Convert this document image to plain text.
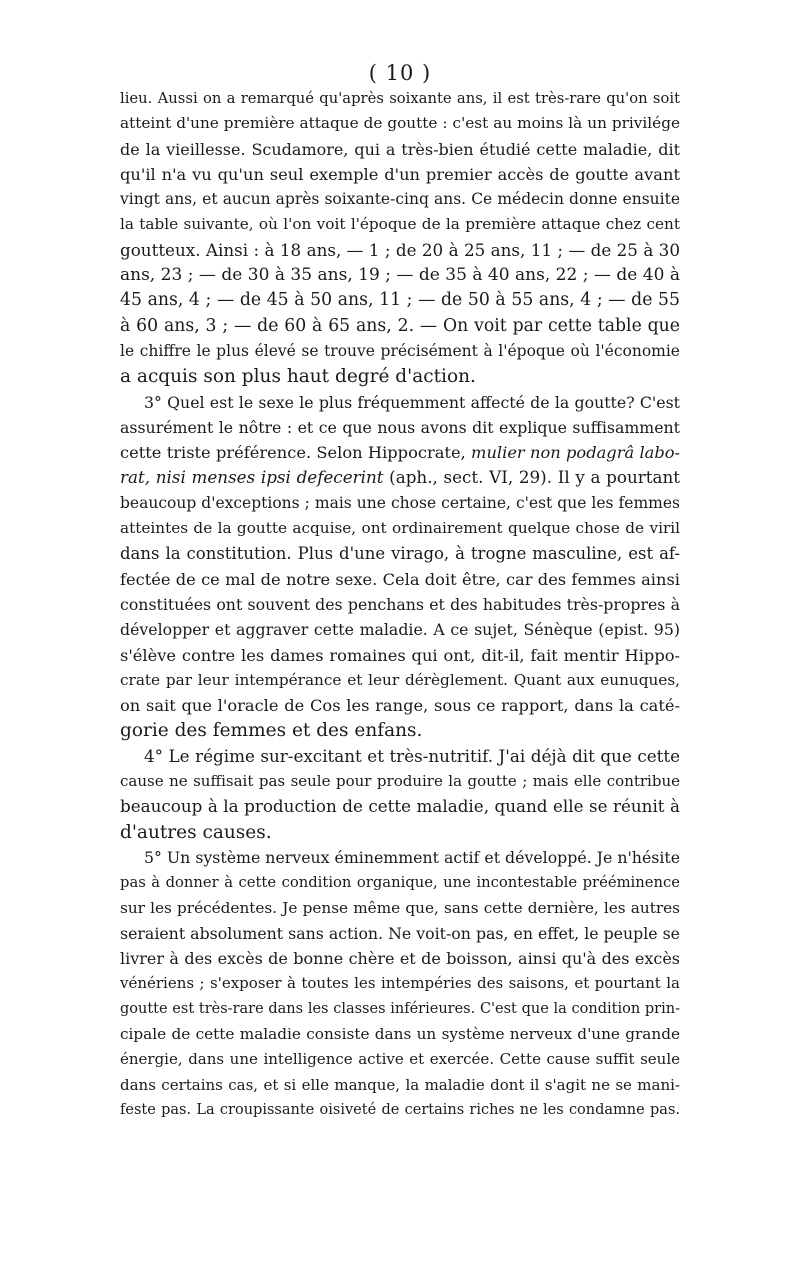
( 10 )
lieu. Aussi on a remarqué qu'après soixante ans, il est très-rare qu'on soit
atteint d'une première attaque de goutte : c'est au moins là un privilége
de la vieillesse. Scudamore, qui a très-bien étudié cette maladie, dit
qu'il n'a vu qu'un seul exemple d'un premier accès de goutte avant
vingt ans, et aucun après soixante-cinq ans. Ce médecin donne ensuite
la table suivante, où l'on voit l'époque de la première attaque chez cent
goutteux. Ainsi : à 18 ans, — 1 ; de 20 à 25 ans, 11 ; — de 25 à 30
ans, 23 ; — de 30 à 35 ans, 19 ; — de 35 à 40 ans, 22 ; — de 40 à
45 ans, 4 ; — de 45 à 50 ans, 11 ; — de 50 à 55 ans, 4 ; — de 55
à 60 ans, 3 ; — de 60 à 65 ans, 2. — On voit par cette table que
le chiffre le plus élevé se trouve précisément à l'époque où l'économie
a acquis son plus haut degré d'action.
3° Quel est le sexe le plus fréquemment affecté de la goutte? C'est
assurément le nôtre : et ce que nous avons dit explique suffisamment
cette triste préférence. Selon Hippocrate, mulier non podagrâ labo-
rat, nisi menses ipsi defecerint (aph., sect. VI, 29). Il y a pourtant
beaucoup d'exceptions ; mais une chose certaine, c'est que les femmes
atteintes de la goutte acquise, ont ordinairement quelque chose de viril
dans la constitution. Plus d'une virago, à trogne masculine, est af-
fectée de ce mal de notre sexe. Cela doit être, car des femmes ainsi
constituées ont souvent des penchans et des habitudes très-propres à
développer et aggraver cette maladie. A ce sujet, Sénèque (epist. 95)
s'élève contre les dames romaines qui ont, dit-il, fait mentir Hippo-
crate par leur intempérance et leur dérèglement. Quant aux eunuques,
on sait que l'oracle de Cos les range, sous ce rapport, dans la caté-
gorie des femmes et des enfans.
4° Le régime sur-excitant et très-nutritif. J'ai déjà dit que cette
cause ne suffisait pas seule pour produire la goutte ; mais elle contribue
beaucoup à la production de cette maladie, quand elle se réunit à
d'autres causes.
5° Un système nerveux éminemment actif et développé. Je n'hésite
pas à donner à cette condition organique, une incontestable prééminence
sur les précédentes. Je pense même que, sans cette dernière, les autres
seraient absolument sans action. Ne voit-on pas, en effet, le peuple se
livrer à des excès de bonne chère et de boisson, ainsi qu'à des excès
vénériens ; s'exposer à toutes les intempéries des saisons, et pourtant la
goutte est très-rare dans les classes inférieures. C'est que la condition prin-
cipale de cette maladie consiste dans un système nerveux d'une grande
énergie, dans une intelligence active et exercée. Cette cause suffit seule
dans certains cas, et si elle manque, la maladie dont il s'agit ne se mani-
feste pas. La croupissante oisiveté de certains riches ne les condamne pas.
